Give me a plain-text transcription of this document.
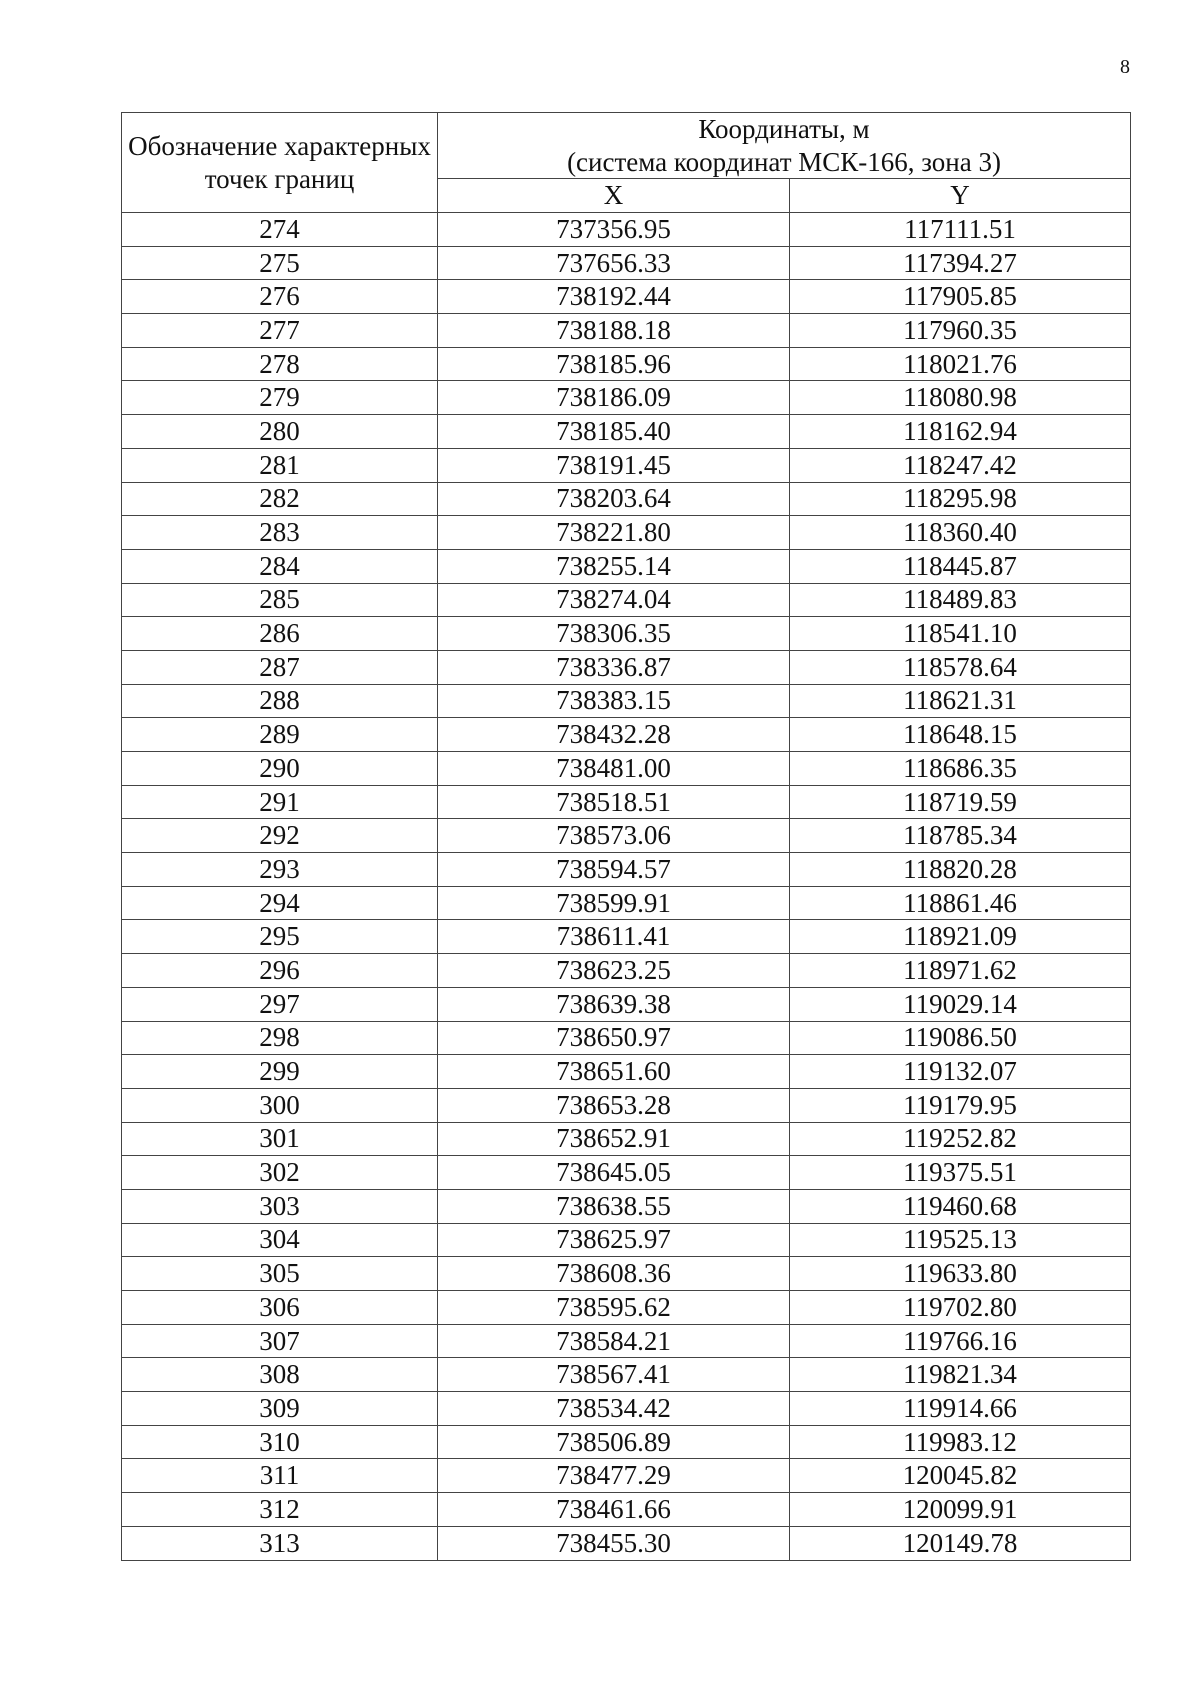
8
Обозначение характерных точек границ	Координаты, м
(система координат МСК-166, зона 3)	

	X	Y
274	737356.95	117111.51
275	737656.33	117394.27
276	738192.44	117905.85
277	738188.18	117960.35
278	738185.96	118021.76
279	738186.09	118080.98
280	738185.40	118162.94
281	738191.45	118247.42
282	738203.64	118295.98
283	738221.80	118360.40
284	738255.14	118445.87
285	738274.04	118489.83
286	738306.35	118541.10
287	738336.87	118578.64
288	738383.15	118621.31
289	738432.28	118648.15
290	738481.00	118686.35
291	738518.51	118719.59
292	738573.06	118785.34
293	738594.57	118820.28
294	738599.91	118861.46
295	738611.41	118921.09
296	738623.25	118971.62
297	738639.38	119029.14
298	738650.97	119086.50
299	738651.60	119132.07
300	738653.28	119179.95
301	738652.91	119252.82
302	738645.05	119375.51
303	738638.55	119460.68
304	738625.97	119525.13
305	738608.36	119633.80
306	738595.62	119702.80
307	738584.21	119766.16
308	738567.41	119821.34
309	738534.42	119914.66
310	738506.89	119983.12
311	738477.29	120045.82
312	738461.66	120099.91
313	738455.30	120149.78
